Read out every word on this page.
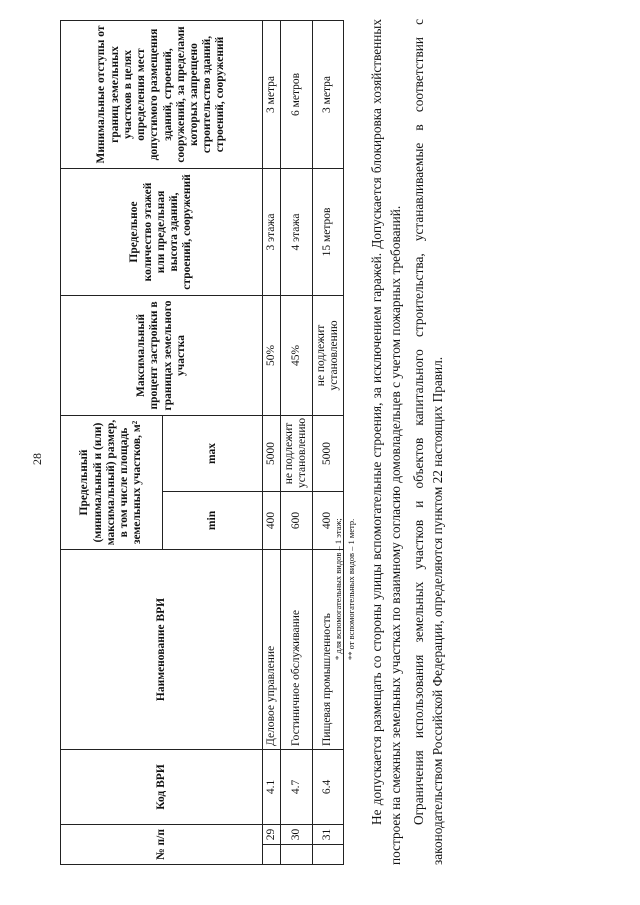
28
№ п/п		Код ВРИ	Наименование ВРИ	Предельный (минимальный и (или) максимальный) размер, в том числе площадь земельных участков, м²		Максимальный процент застройки в границах земельного участка	Предельное количество этажей или предельная высота зданий, строений, сооружений	Минимальные отступы от границ земельных участков в целях определения мест допустимого размещения зданий, строений, сооружений, за пределами которых запрещено строительство зданий, строений, сооружений
				min	max			
	29	4.1	Деловое управление	400	5000	50%	3 этажа	3 метра
	30	4.7	Гостиничное обслуживание	600	не подлежит установлению	45%	4 этажа	6 метров
	31	6.4	Пищевая промышленность	400	5000	не подлежит установлению	15 метров	3 метра
* для вспомогательных видов – 1 этаж; ** от вспомогательных видов – 1 метр. Не допускается размещать со стороны улицы вспомогательные строения, за исключением гаражей. Допускается блокировка хозяйственных построек на смежных земельных участках по взаимному согласию домовладельцев с учетом пожарных требований. Ограничения использования земельных участков и объектов капитального строительства, устанавливаемые в соответствии с законодательством Российской Федерации, определяются пунктом 22 настоящих Правил.
